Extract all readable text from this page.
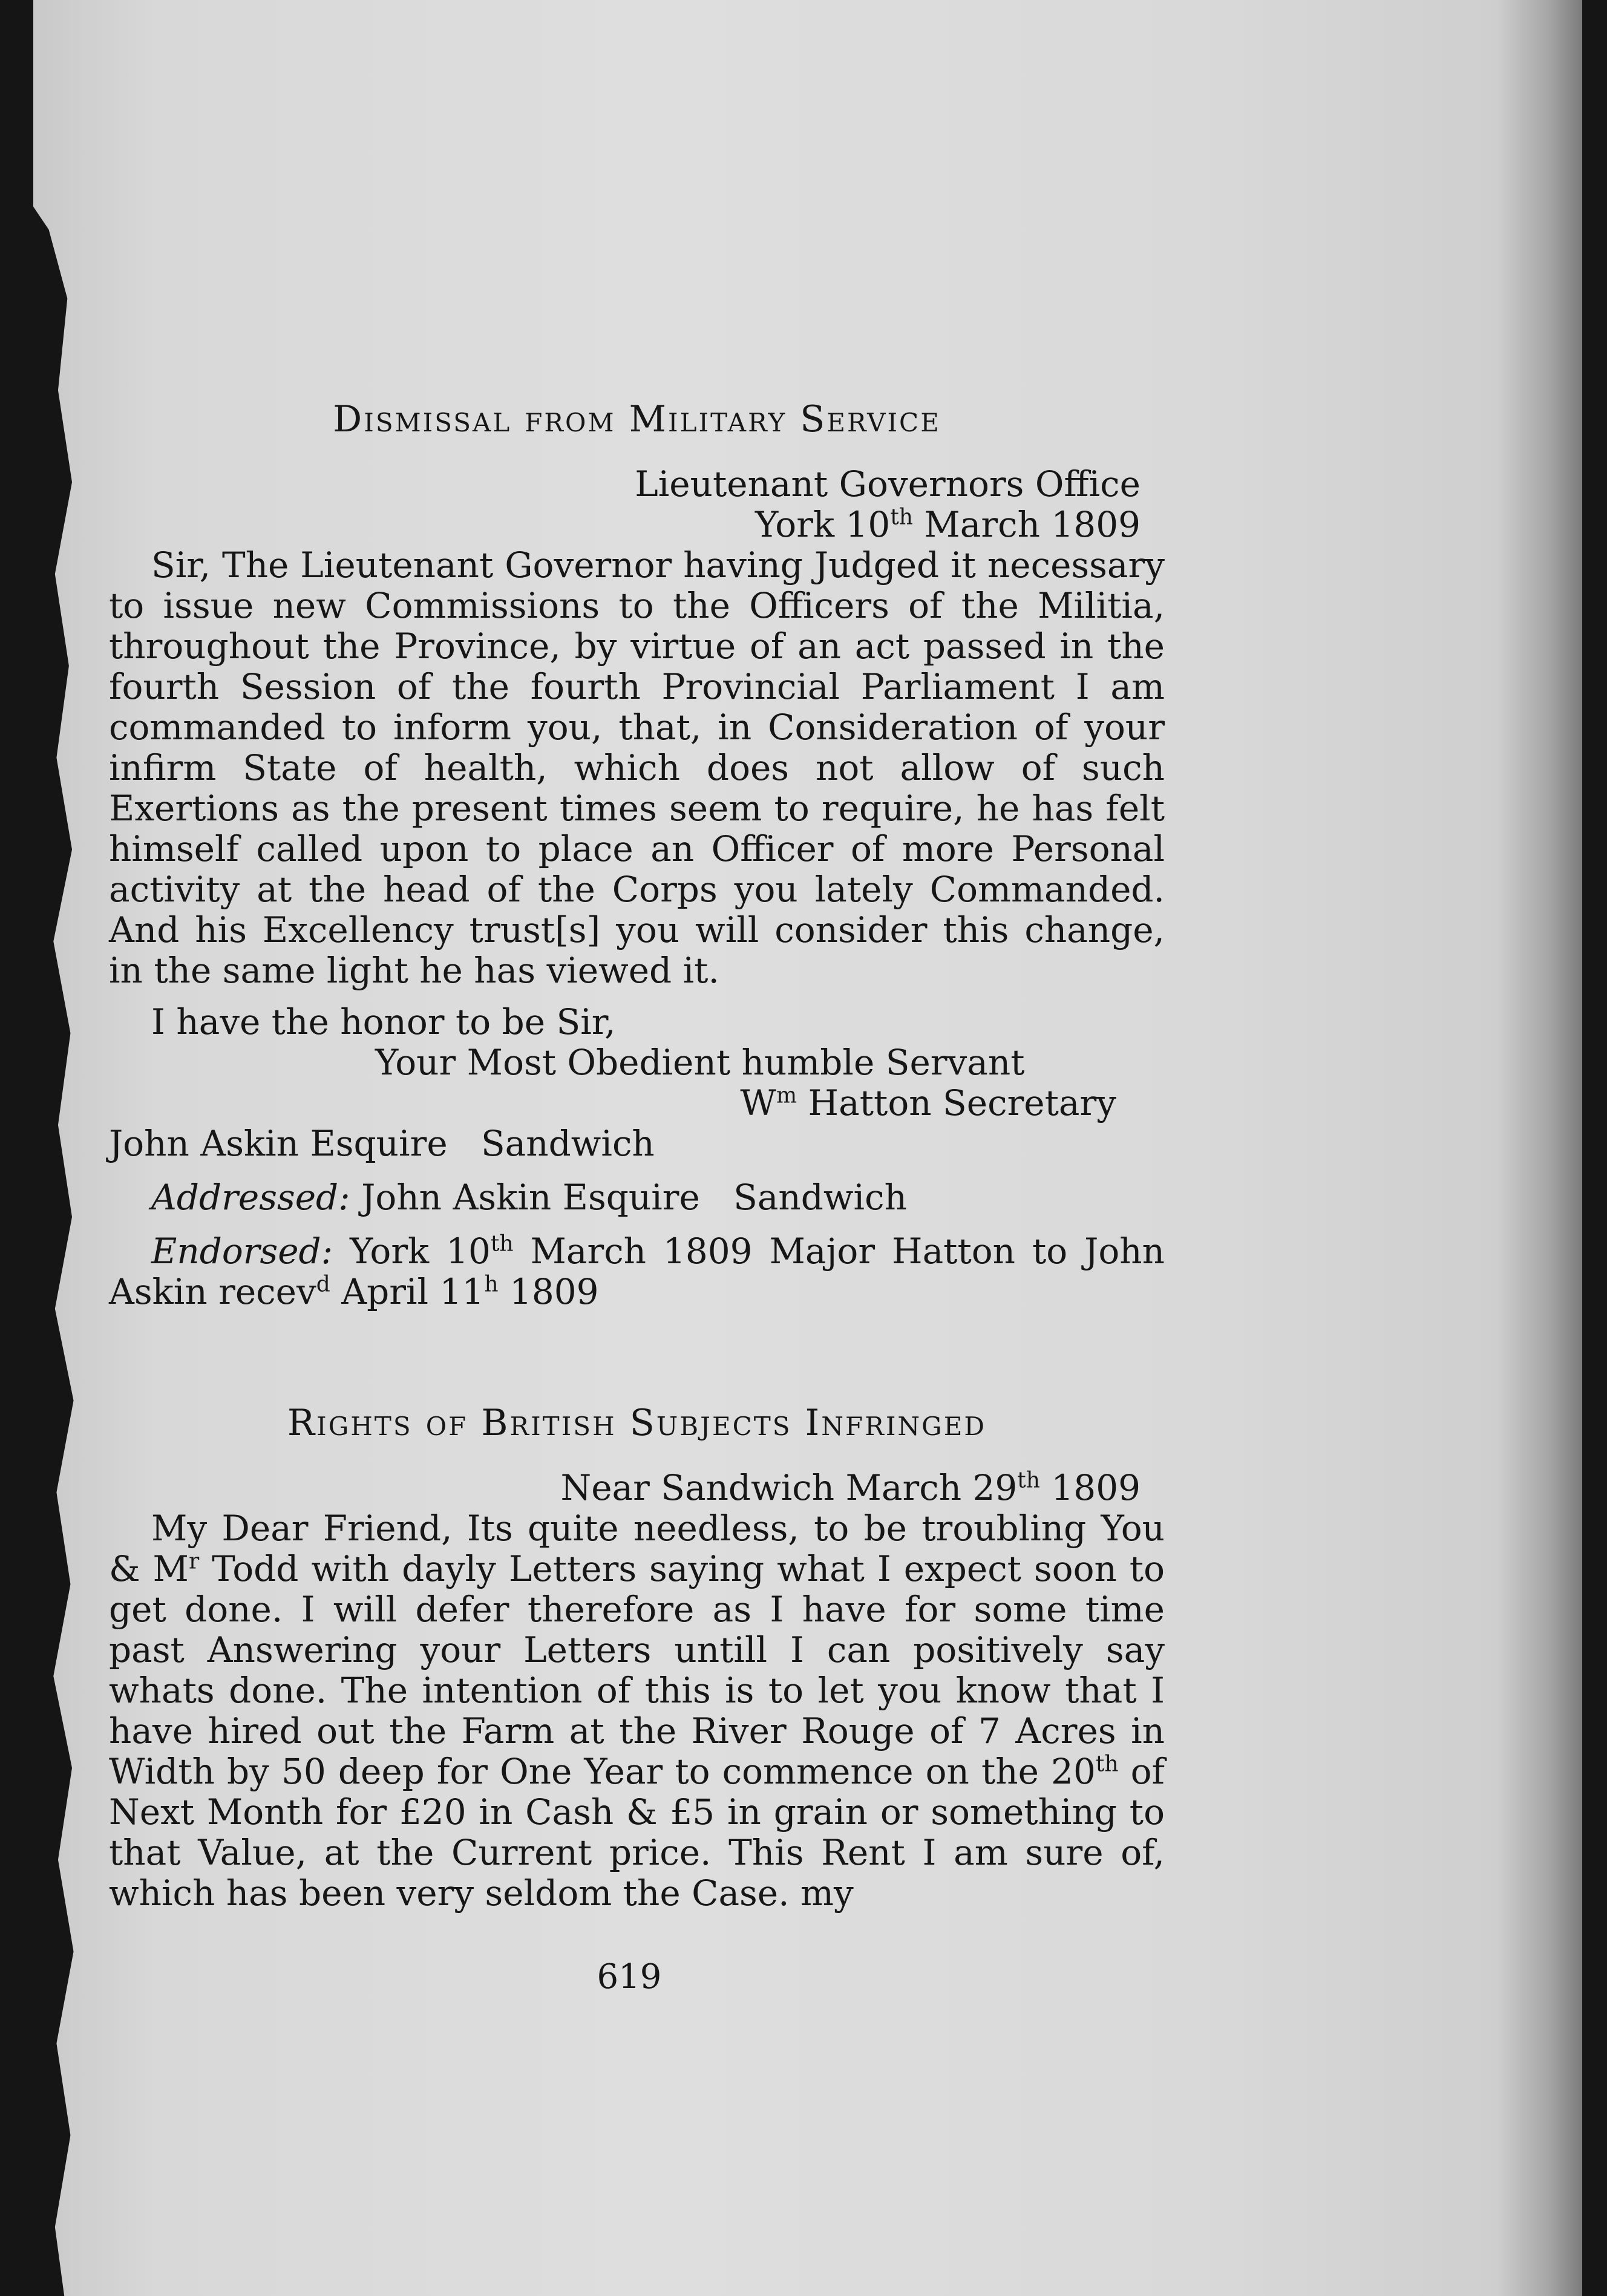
Dismissal from Military Service
Lieutenant Governors Office
York 10th March 1809

Sir, The Lieutenant Governor having Judged it necessary to issue new Commissions to the Officers of the Militia, throughout the Province, by virtue of an act passed in the fourth Session of the fourth Provincial Parliament I am commanded to inform you, that, in Consideration of your infirm State of health, which does not allow of such Exertions as the present times seem to require, he has felt himself called upon to place an Officer of more Personal activity at the head of the Corps you lately Commanded. And his Excellency trust[s] you will consider this change, in the same light he has viewed it.

I have the honor to be Sir,
Your Most Obedient humble Servant
$W^m$ Hatton Secretary
John Askin Esquire   Sandwich
Addressed: John Askin Esquire   Sandwich

Endorsed: York 10th March 1809 Major Hatton to John Askin recev$^d$ April 11$^h$ 1809

Rights of British Subjects Infringed
Near Sandwich March 29th 1809

My Dear Friend, Its quite needless, to be troubling You & $M^r$ Todd with dayly Letters saying what I expect soon to get done. I will defer therefore as I have for some time past Answering your Letters untill I can positively say whats done. The intention of this is to let you know that I have hired out the Farm at the River Rouge of 7 Acres in Width by 50 deep for One Year to commence on the 20th of Next Month for £20 in Cash & £5 in grain or something to that Value, at the Current price. This Rent I am sure of, which has been very seldom the Case. my

619
